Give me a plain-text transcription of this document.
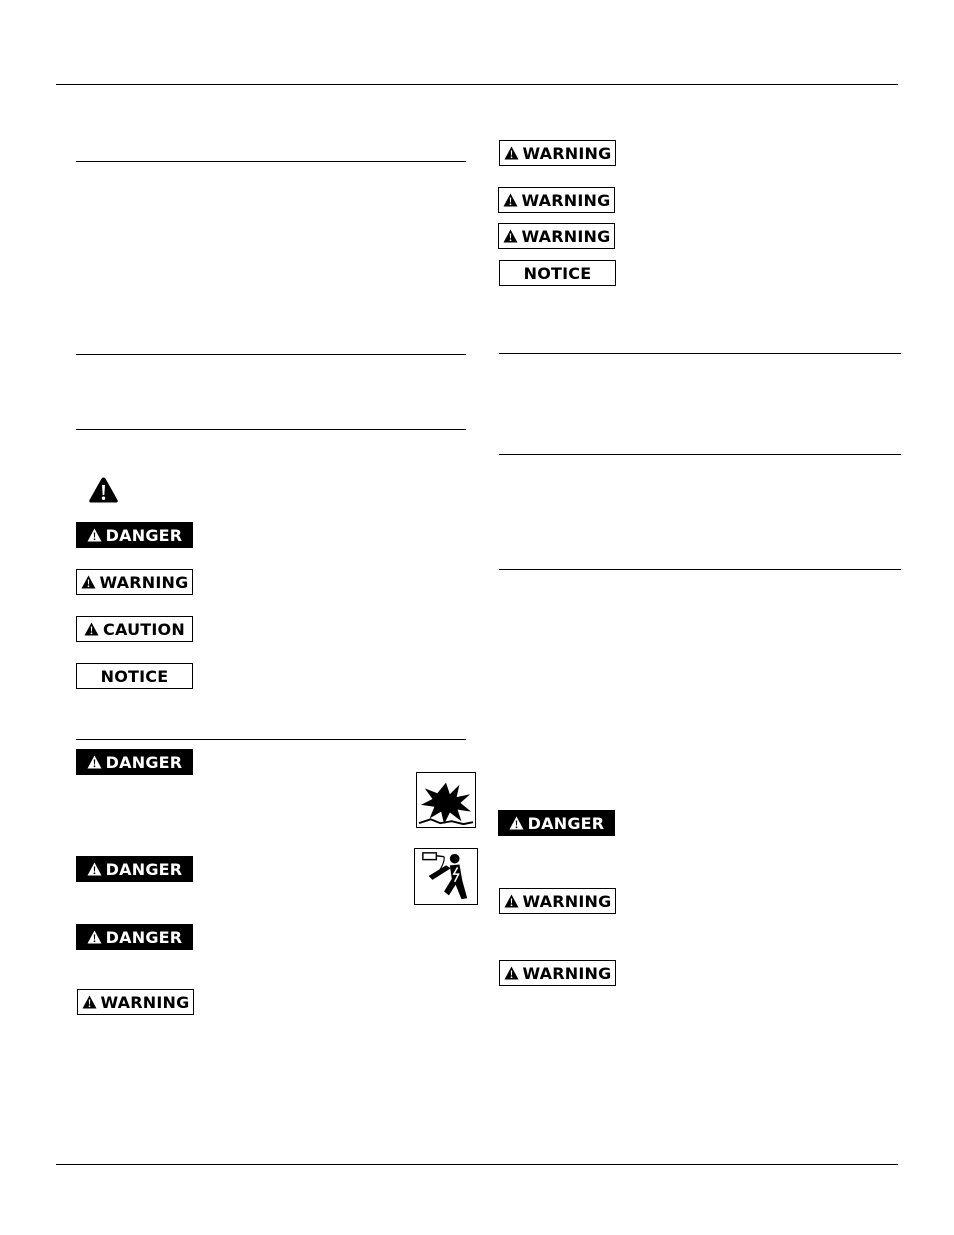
DANGER
WARNING
CAUTION
NOTICE
DANGER
DANGER
DANGER
WARNING
WARNING
WARNING
WARNING
NOTICE
DANGER
WARNING
WARNING
